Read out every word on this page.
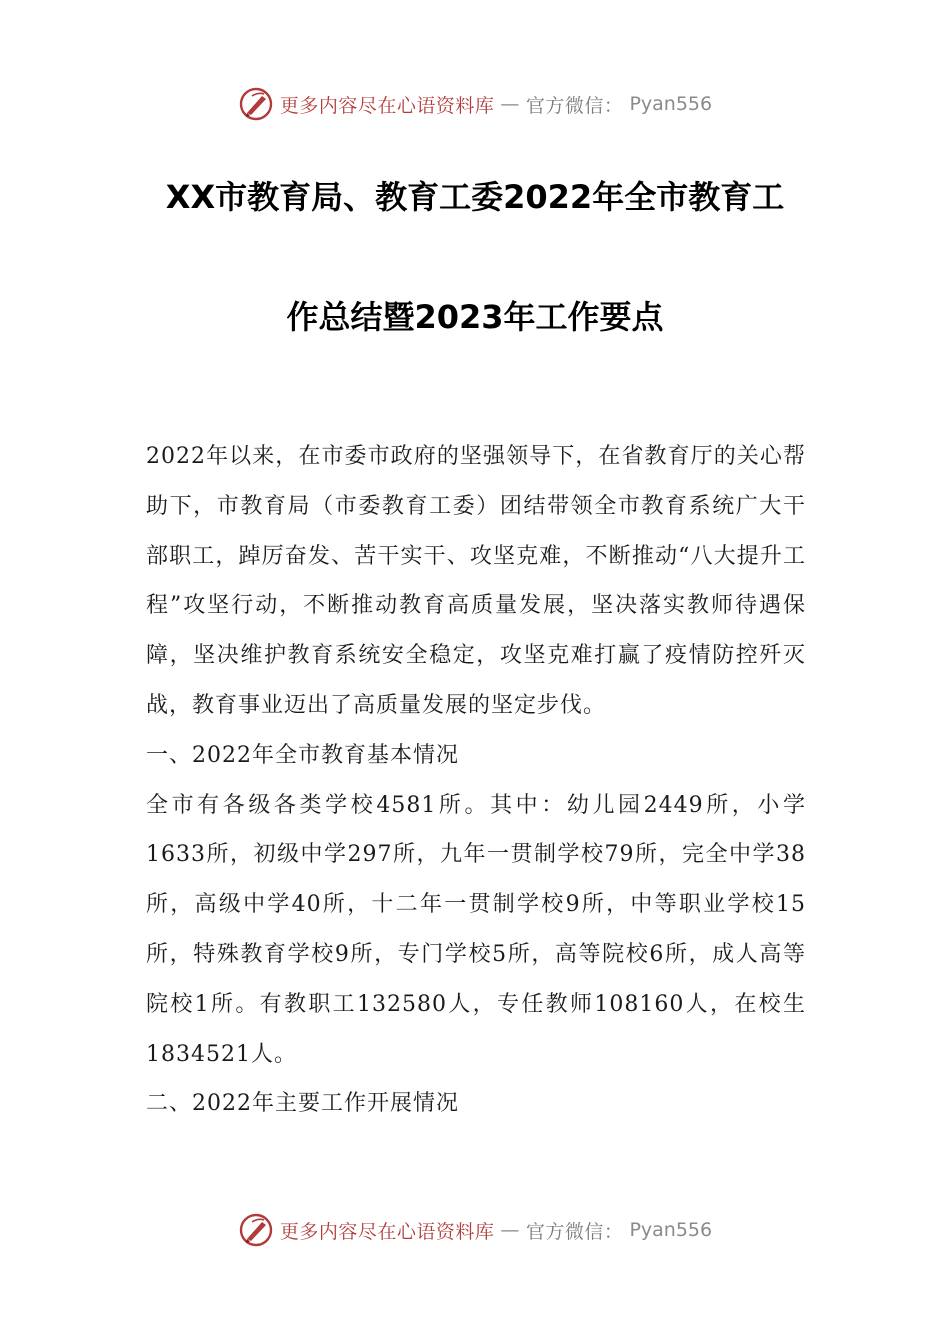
更多内容尽在心语资料库 — 官方微信： Pyan556
XX市教育局、教育工委2022年全市教育工
作总结暨2023年工作要点

2022年以来，在市委市政府的坚强领导下，在省教育厅的关心帮助下，市教育局（市委教育工委）团结带领全市教育系统广大干部职工，踔厉奋发、苦干实干、攻坚克难，不断推动“八大提升工程”攻坚行动，不断推动教育高质量发展，坚决落实教师待遇保障，坚决维护教育系统安全稳定，攻坚克难打赢了疫情防控歼灭战，教育事业迈出了高质量发展的坚定步伐。

一、2022年全市教育基本情况

全市有各级各类学校4581所。其中：幼儿园2449所，小学1633所，初级中学297所，九年一贯制学校79所，完全中学38所，高级中学40所，十二年一贯制学校9所，中等职业学校15所，特殊教育学校9所，专门学校5所，高等院校6所，成人高等院校1所。有教职工132580人，专任教师108160人，在校生1834521人。

二、2022年主要工作开展情况

更多内容尽在心语资料库 — 官方微信： Pyan556
